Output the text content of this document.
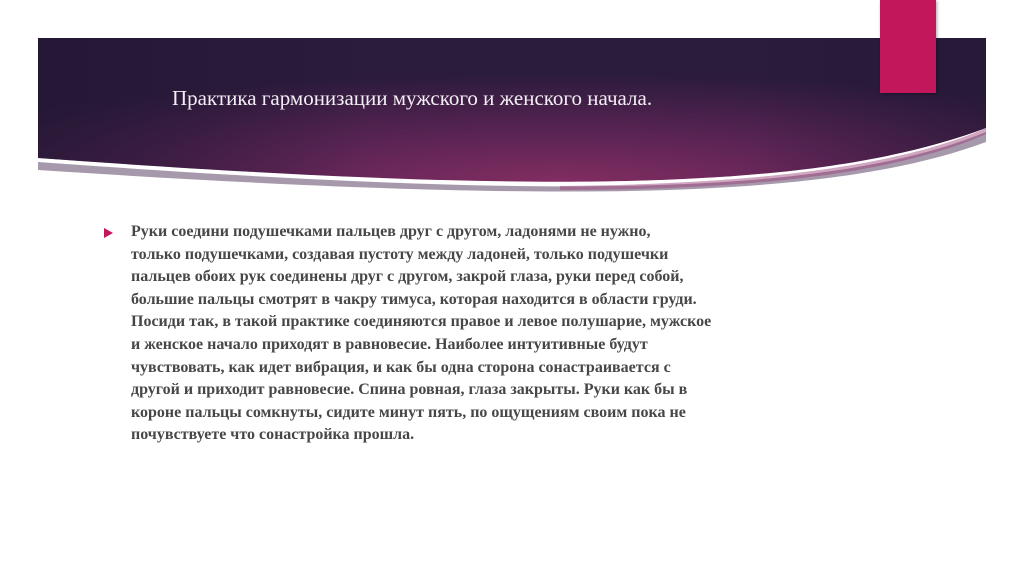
Практика гармонизации мужского и женского начала.

Руки соедини подушечками пальцев друг с другом, ладонями не нужно,
только подушечками, создавая пустоту между ладоней, только подушечки
пальцев обоих рук соединены друг с другом, закрой глаза, руки перед собой,
большие пальцы смотрят в чакру тимуса, которая находится в области груди.
Посиди так, в такой практике соединяются правое и левое полушарие, мужское
и женское начало приходят в равновесие. Наиболее интуитивные будут
чувствовать, как идет вибрация, и как бы одна сторона сонастраивается с
другой и приходит равновесие. Спина ровная, глаза закрыты. Руки как бы в
короне пальцы сомкнуты, сидите минут пять, по ощущениям своим пока не
почувствуете что сонастройка прошла.
